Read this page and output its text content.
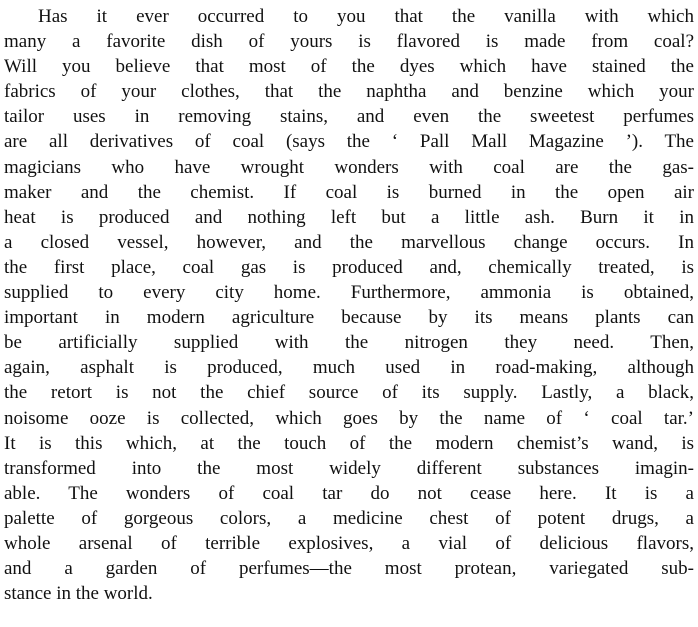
Has it ever occurred to you that the vanilla with which
many a favorite dish of yours is flavored is made from coal?
Will you believe that most of the dyes which have stained the
fabrics of your clothes, that the naphtha and benzine which your
tailor uses in removing stains, and even the sweetest perfumes
are all derivatives of coal (says the ‘ Pall Mall Magazine ’). The
magicians who have wrought wonders with coal are the gas-
maker and the chemist. If coal is burned in the open air
heat is produced and nothing left but a little ash. Burn it in
a closed vessel, however, and the marvellous change occurs. In
the first place, coal gas is produced and, chemically treated, is
supplied to every city home. Furthermore, ammonia is obtained,
important in modern agriculture because by its means plants can
be artificially supplied with the nitrogen they need. Then,
again, asphalt is produced, much used in road-making, although
the retort is not the chief source of its supply. Lastly, a black,
noisome ooze is collected, which goes by the name of ‘ coal tar.’
It is this which, at the touch of the modern chemist’s wand, is
transformed into the most widely different substances imagin-
able. The wonders of coal tar do not cease here. It is a
palette of gorgeous colors, a medicine chest of potent drugs, a
whole arsenal of terrible explosives, a vial of delicious flavors,
and a garden of perfumes—the most protean, variegated sub-
stance in the world.
